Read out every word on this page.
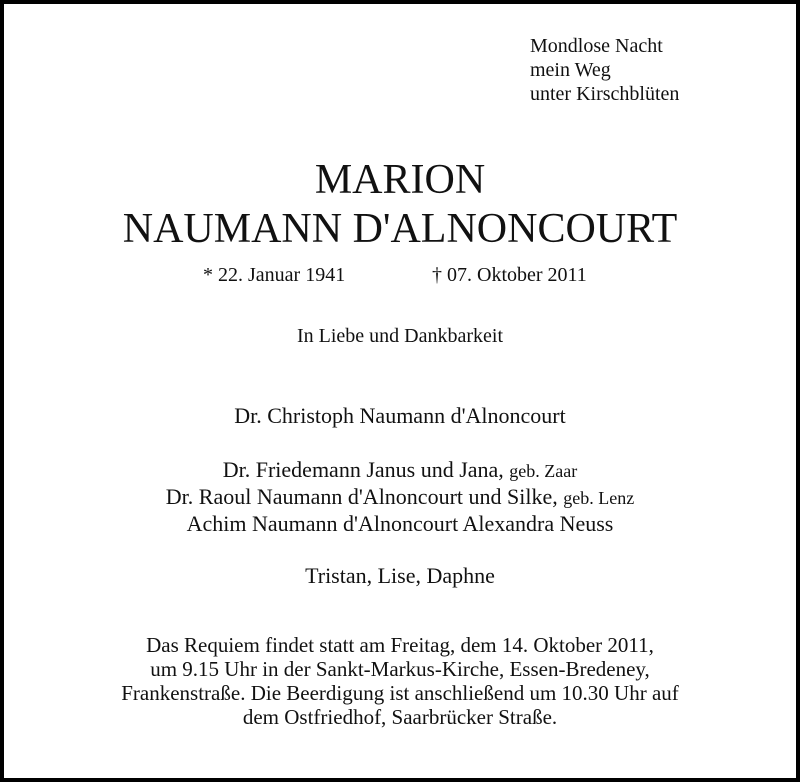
Mondlose Nacht
mein Weg
unter Kirschblüten
MARION
NAUMANN D'ALNONCOURT
* 22. Januar 1941	† 07. Oktober 2011
In Liebe und Dankbarkeit
Dr. Christoph Naumann d'Alnoncourt
Dr. Friedemann Janus und Jana, geb. Zaar
Dr. Raoul Naumann d'Alnoncourt und Silke, geb. Lenz
Achim Naumann d'Alnoncourt Alexandra Neuss
Tristan, Lise, Daphne
Das Requiem findet statt am Freitag, dem 14. Oktober 2011,
um 9.15 Uhr in der Sankt-Markus-Kirche, Essen-Bredeney,
Frankenstraße. Die Beerdigung ist anschließend um 10.30 Uhr auf
dem Ostfriedhof, Saarbrücker Straße.
